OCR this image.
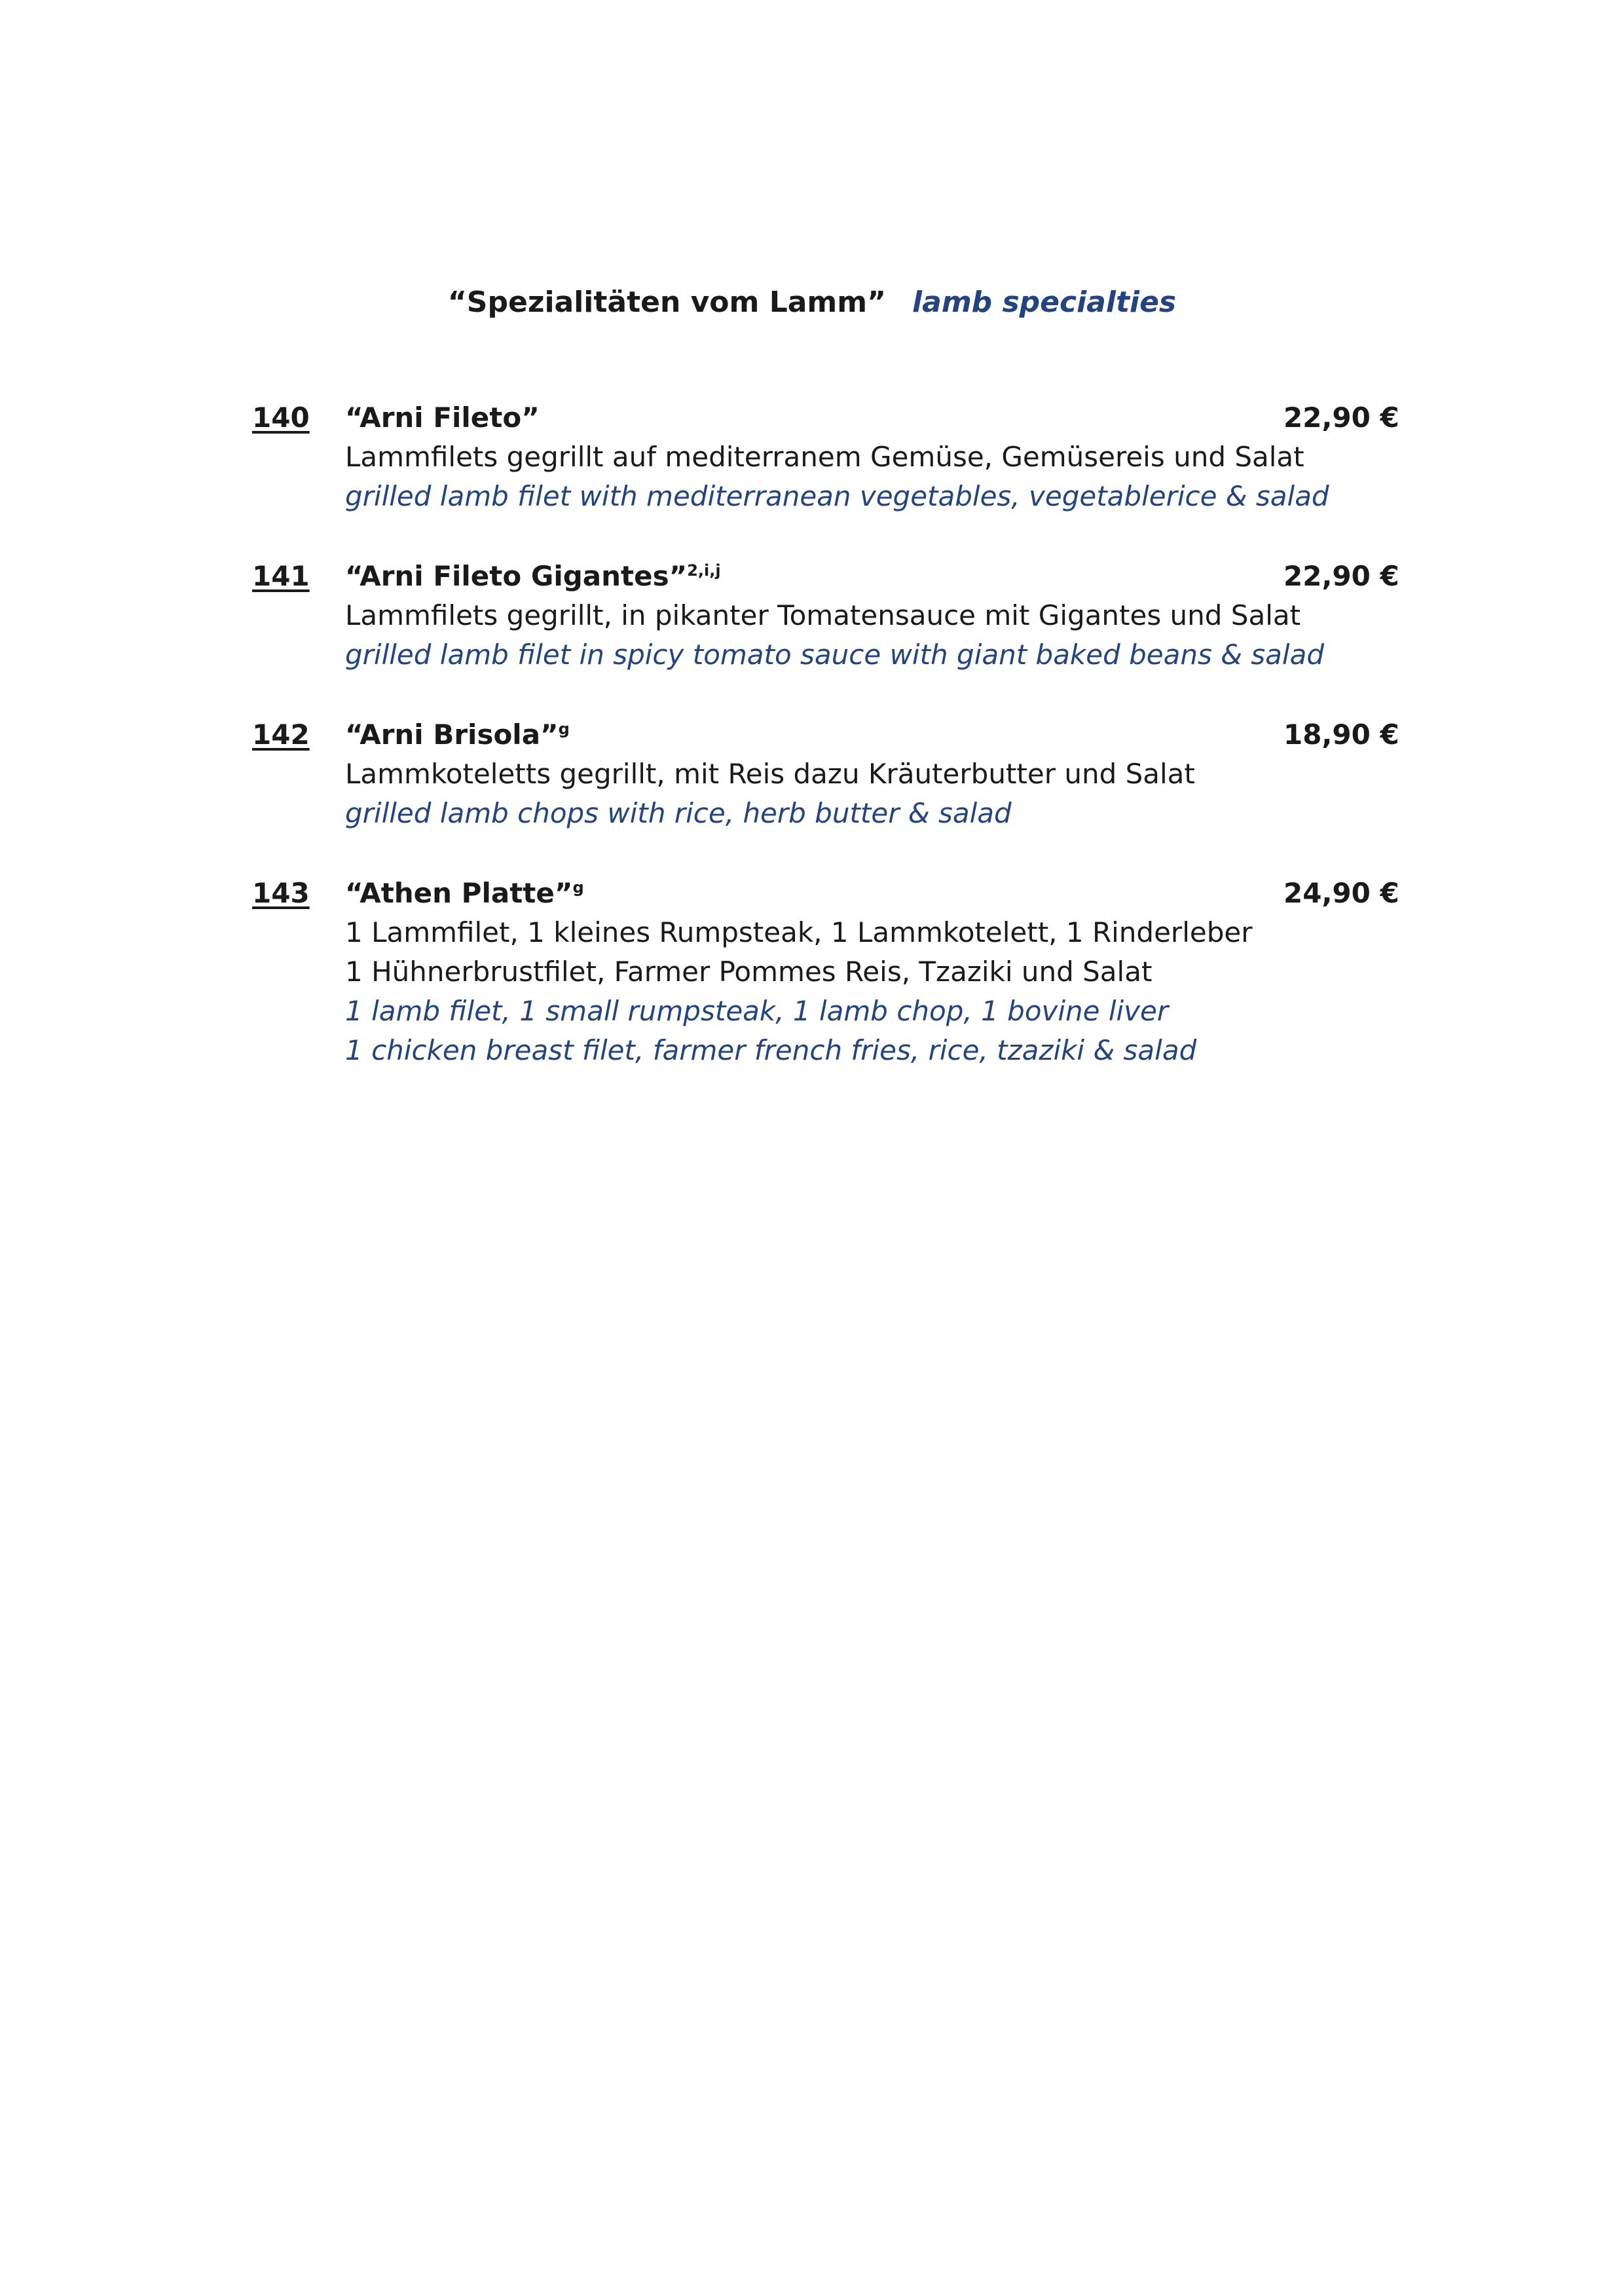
“Spezialitäten vom Lamm” lamb specialties
140 “Arni Fileto”
Lammfilets gegrillt auf mediterranem Gemüse, Gemüsereis und Salat
grilled lamb filet with mediterranean vegetables, vegetablerice & salad
22,90 €
141 “Arni Fileto Gigantes”$^{2,i,j}$
Lammfilets gegrillt, in pikanter Tomatensauce mit Gigantes und Salat
grilled lamb filet in spicy tomato sauce with giant baked beans & salad
22,90 €
142 “Arni Brisola”$^g$
Lammkoteletts gegrillt, mit Reis dazu Kräuterbutter und Salat
grilled lamb chops with rice, herb butter & salad
18,90 €
143 “Athen Platte”$^g$
1 Lammfilet, 1 kleines Rumpsteak, 1 Lammkotelett, 1 Rinderleber
1 Hühnerbrustfilet, Farmer Pommes Reis, Tzaziki und Salat
1 lamb filet, 1 small rumpsteak, 1 lamb chop, 1 bovine liver
1 chicken breast filet, farmer french fries, rice, tzaziki & salad
24,90 €
